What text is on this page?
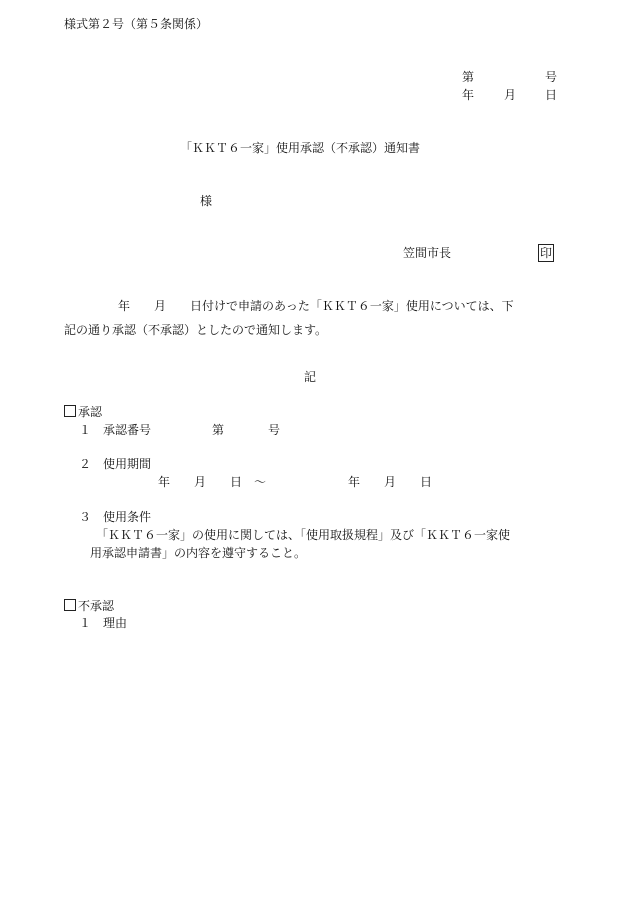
様式第２号（第５条関係）
第	号
年 月 日
「ＫＫＴ６一家」使用承認（不承認）通知書
様
笠間市長	印
年　　月　　日付けで申請のあった「ＫＫＴ６一家」使用については、下
記の通り承認（不承認）としたので通知します。
記
承認
１　承認番号	第	号
２　使用期間
年　　月　　日　～	年　　月　　日
３　使用条件
「ＫＫＴ６一家」の使用に関しては、「使用取扱規程」及び「ＫＫＴ６一家使
用承認申請書」の内容を遵守すること。
不承認
１　理由
